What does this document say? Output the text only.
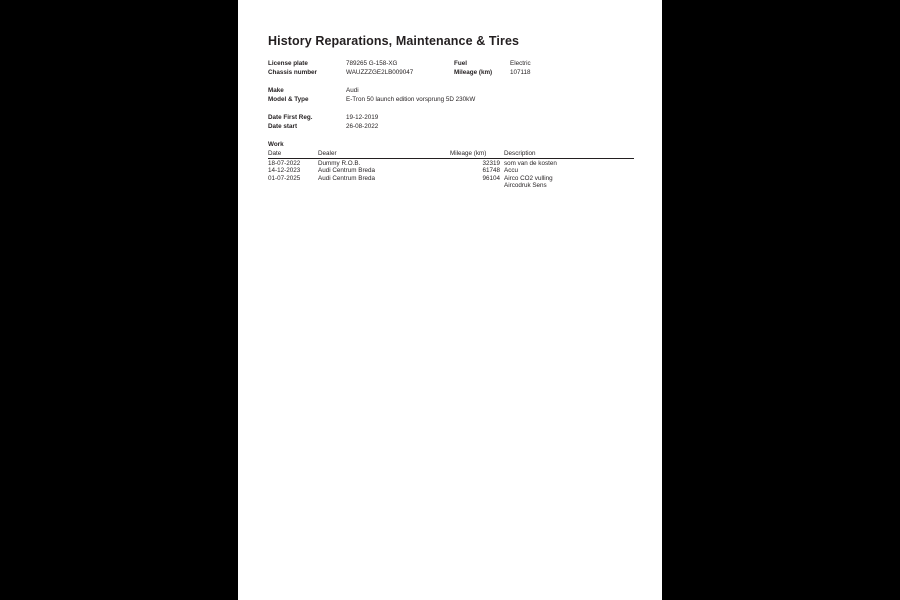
History Reparations, Maintenance & Tires
License plate	789265 G-158-XG	Fuel	Electric
Chassis number	WAUZZZGE2LB009047	Mileage (km)	107118
Make	Audi
Model & Type	E-Tron 50 launch edition vorsprung 5D 230kW
Date First Reg.	19-12-2019
Date start	26-08-2022
Work
Date	Dealer	Mileage (km)	Description
18-07-2022	Dummy R.O.B.	32319	som van de kosten
14-12-2023	Audi Centrum Breda	61748	Accu
01-07-2025	Audi Centrum Breda	96104	Airco CO2 vulling
			Aircodruk Sens
